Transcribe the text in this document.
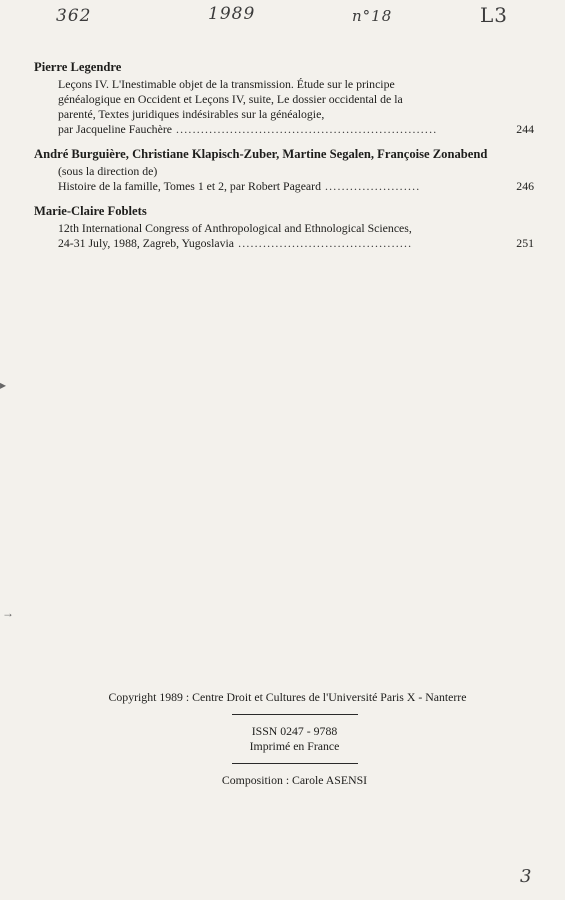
362	1989	n°18	L3
Pierre Legendre
Leçons IV. L'Inestimable objet de la transmission. Étude sur le principe
généalogique en Occident et Leçons IV, suite, Le dossier occidental de la
parenté, Textes juridiques indésirables sur la généalogie,
par Jacqueline Fauchère ...............................................................	244
André Burguière, Christiane Klapisch-Zuber, Martine Segalen, Françoise Zonabend
(sous la direction de)
Histoire de la famille, Tomes 1 et 2, par Robert Pageard .......................	246
Marie-Claire Foblets
12th International Congress of Anthropological and Ethnological Sciences,
24-31 July, 1988, Zagreb, Yugoslavia ..........................................	251
▸
→
Copyright 1989 : Centre Droit et Cultures de l'Université Paris X - Nanterre
ISSN 0247 - 9788
Imprimé en France
Composition : Carole ASENSI
3
